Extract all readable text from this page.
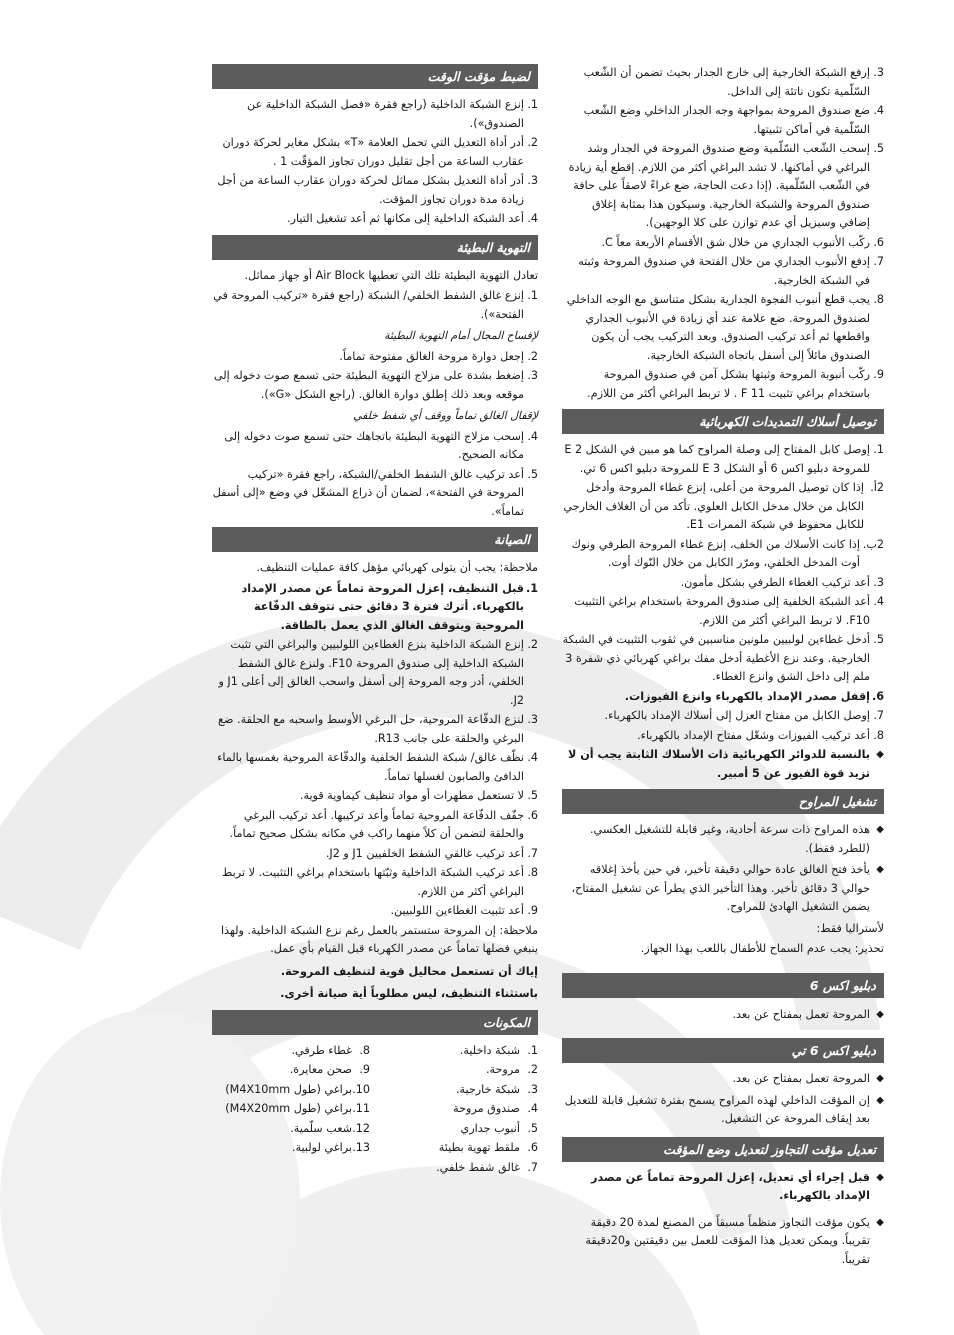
لضبط مؤقت الوقت
1.
إنزع الشبكة الداخلية (راجع فقرة «فصل الشبكة الداخلية عن الصندوق»).
2.
أدر أداة التعديل التي تحمل العلامة «T» بشكل مغاير لحركة دوران عقارب الساعة من أجل تقليل دوران تجاوز المؤقّت 1 .
3.
أدر أداة التعديل بشكل مماثل لحركة دوران عقارب الساعة من أجل زيادة مدة دوران تجاوز المؤقت.
4.
أعد الشبكة الداخلية إلى مكانها ثم أعد تشغيل التيار.
التهوية البطيئة

تعادل التهوية البطيئة تلك التي تعطيها Air Block أو جهاز مماثل.

1.
إنزع غالق الشفط الخلفي/ الشبكة (راجع فقرة «تركيب المروحة في الفتحة»).

لإفساح المجال أمام التهوية البطيئة

2.
إجعل دوارة مروحة الغالق مفتوحة تماماً.
3.
إضغط بشدة على مزلاج التهوية البطيئة حتى تسمع صوت دخوله إلى موقعه وبعد ذلك إطلق دوارة الغالق. (راجع الشكل «G»).

لإقفال الغالق تماماً ووقف أي شفط خلفي

4.
إسحب مزلاج التهوية البطيئة باتجاهك حتى تسمع صوت دخوله إلى مكانه الصحيح.
5.
أعد تركيب غالق الشفط الخلفي/الشبكة، راجع فقرة «تركيب المروحة في الفتحة»، لضمان أن ذراع المشغّل في وضع «إلى أسفل تماماً».
الصيانة

ملاحظة: يجب أن يتولى كهربائي مؤهل كافة عمليات التنظيف.

1.
قبل التنظيف، إعزل المروحة تماماً عن مصدر الإمداد بالكهرباء. أترك فترة 3 دقائق حتى تتوقف الدفّاعة المروحية ويتوقف الغالق الذي يعمل بالطاقة.
2.
إنزع الشبكة الداخلية بنزع الغطاءين اللولبيين والبراغي التي تثبت الشبكة الداخلية إلى صندوق المروحة F10. ولنزع غالق الشفط الخلفي، أدر وجه المروحة إلى أسفل واسحب الغالق إلى أعلى J1 و J2.
3.
لنزع الدفّاعة المروحية، حل البرغي الأوسط واسحبه مع الحلقة. ضع البرغي والحلقة على جانب R13.
4.
نظّف غالق/ شبكة الشفط الخلفية والدفّاعة المروحية بغمسها بالماء الدافئ والصابون لغسلها تماماً.
5.
لا تستعمل مطهرات أو مواد تنظيف كيماوية قوية.
6.
جفّف الدفّاعة المروحية تماماً وأعد تركيبها. أعد تركيب البرغي والحلقة لتضمن أن كلاً منهما راكب في مكانه بشكل صحيح تماماً.
7.
أعد تركيب غالقي الشفط الخلفيين J1 و J2.
8.
أعد تركيب الشبكة الداخلية وثبّتها باستخدام براغي التثبيت. لا تربط البراغي أكثر من اللازم.
9.
أعد تثبيت الغطاءين اللولبيين.

ملاحظة: إن المروحة ستستمر بالعمل رغم نزع الشبكة الداخلية. ولهذا ينبغي فصلها تماماً عن مصدر الكهرباء قبل القيام بأي عمل.

إياك أن تستعمل محاليل قوية لتنظيف المروحة.

باستثناء التنظيف، ليس مطلوباً أية صيانة أخرى.

المكونات
1.
شبكة داخلية.
2.
مروحة.
3.
شبكة خارجية.
4.
صندوق مروحة
5.
أنبوب جداري
6.
ملقط تهوية بطيئة
7.
غالق شفط خلفي.
8.
غطاء طرفي.
9.
صحن معايرة.
10.
براغي (طول M4X10mm)
11.
براغي (طول M4X20mm)
12.
شعب سلّمية.
13.
براغي لولبية.
3.
إرفع الشبكة الخارجية إلى خارج الجدار بحيث تضمن أن الشّعب السّلّمية تكون ناتئة إلى الداخل.
4.
ضع صندوق المروحة بمواجهة وجه الجدار الداخلي وضع الشّعب السّلّمية في أماكن تثبيتها.
5.
إسحب الشّعب السّلّمية وضع صندوق المروحة في الجدار وشد البراغي في أماكنها. لا تشد البراغي أكثر من اللازم. إقطع أية زيادة في الشّعب السّلّمية. (إذا دعت الحاجة، ضع غراءً لاصقاً على حافة صندوق المروحة والشبكة الخارجية. وسيكون هذا بمثابة إغلاق إضافي وسيزيل أي عدم توازن على كلا الوجهين).
6.
ركّب الأنبوب الجداري من خلال شق الأقسام الأربعة معاً C.
7.
إدفع الأنبوب الجداري من خلال الفتحة في صندوق المروحة وثبته في الشبكة الخارجية.
8.
يجب قطع أنبوب الفجوة الجدارية بشكل متناسق مع الوجه الداخلي لصندوق المروحة. ضع علامة عند أي زيادة في الأنبوب الجداري واقطعها ثم أعد تركيب الصندوق. وبعد التركيب يجب أن يكون الصندوق مائلاً إلى أسفل باتجاه الشبكة الخارجية.
9.
ركّب أنبوبة المروحة وثبتها بشكل آمن في صندوق المروحة باستخدام براغي تثبيت F 11 . لا تربط البراغي أكثر من اللازم.
توصيل أسلاك التمديدات الكهربائية
1.
إوصل كابل المفتاح إلى وصلة المراوح كما هو مبين في الشكل 2 E للمروحة دبليو اكس 6 أو الشكل 3 E للمروحة دبليو اكس 6 تي.
2أ.
إذا كان توصيل المروحة من أعلى، إنزع غطاء المروحة وأدخل الكابل من خلال مدخل الكابل العلوي. تأكد من أن الغلاف الخارجي للكابل محفوظ في شبكة الممرات E1.
2ب.
إذا كانت الأسلاك من الخلف، إنزع غطاء المروحة الطرفي ونوك أوت المدخل الخلفي، ومرّر الكابل من خلال النّوك أوت.
3.
أعد تركيب الغطاء الطرفي بشكل مأمون.
4.
أعد الشبكة الخلفية إلى صندوق المروحة باستخدام براغي التثبيت F10. لا تربط البراغي أكثر من اللازم.
5.
أدخل غطاءين لولبيين ملونين مناسبين في ثقوب التثبيت في الشبكة الخارجية. وعند نزع الأغطية أدخل مفك براغي كهربائي ذي شفرة 3 ملم إلى داخل الشق وانزع الغطاء.
6.
إقفل مصدر الإمداد بالكهرباء وانزع الفيوزات.
7.
إوصل الكابل من مفتاح العزل إلى أسلاك الإمداد بالكهرباء.
8.
أعد تركيب الفيوزات وشغّل مفتاح الإمداد بالكهرباء.
◆
بالنسبة للدوائر الكهربائية ذات الأسلاك الثابتة يجب أن لا تزيد قوة الفيوز عن 5 أمبير.
تشغيل المراوح
◆
هذه المراوح ذات سرعة أحادية، وغير قابلة للتشغيل العكسي. (للطرد فقط).
◆
يأخذ فتح الغالق عادة حوالي دقيقة تأخير، في حين يأخذ إغلاقه حوالي 3 دقائق تأخير. وهذا التأخير الذي يطرأ عن تشغيل المفتاح، يضمن التشغيل الهادئ للمراوح.

لأستراليا فقط:

تحذير: يجب عدم السماح للأطفال باللعب بهذا الجهاز.

دبليو اكس 6
◆
المروحة تعمل بمفتاح عن بعد.
دبليو اكس 6 تي
◆
المروحة تعمل بمفتاح عن بعد.
◆
إن المؤقت الداخلي لهذه المراوح يسمح بفترة تشغيل قابلة للتعديل بعد إيقاف المروحة عن التشغيل.
تعديل مؤقت التجاوز لتعديل وضع المؤقت
◆
قبل إجراء أي تعديل، إعزل المروحة تماماً عن مصدر الإمداد بالكهرباء.
◆
يكون مؤقت التجاوز منظماً مسبقاً من المصنع لمدة 20 دقيقة تقريباً. ويمكن تعديل هذا المؤقت للعمل بين دقيقتين و20دقيقة تقريباً.
